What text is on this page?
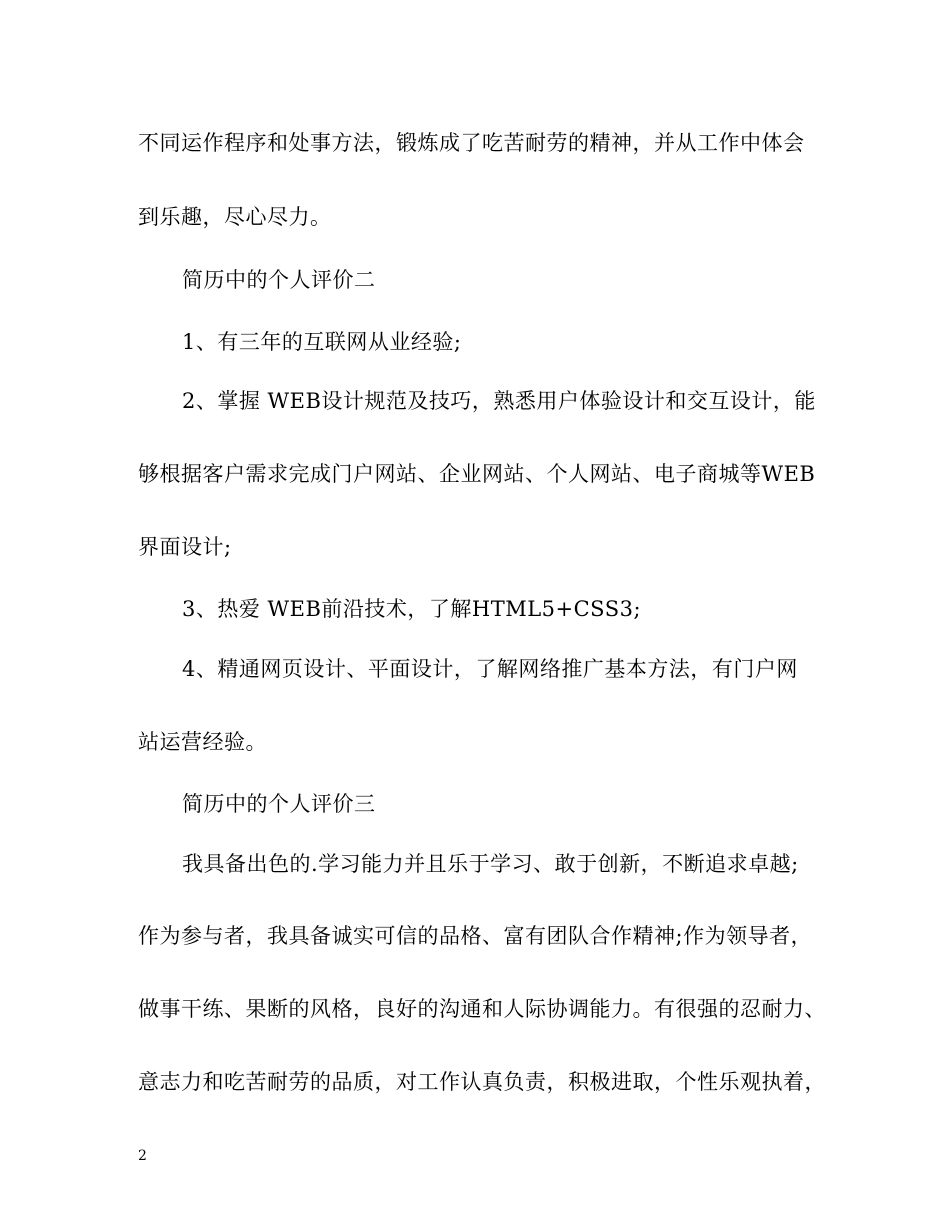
不同运作程序和处事方法，锻炼成了吃苦耐劳的精神，并从工作中体会
到乐趣，尽心尽力。
简历中的个人评价二
1、有三年的互联网从业经验;
2、掌握 WEB设计规范及技巧，熟悉用户体验设计和交互设计，能
够根据客户需求完成门户网站、企业网站、个人网站、电子商城等WEB
界面设计;
3、热爱 WEB前沿技术，了解HTML5+CSS3;
4、精通网页设计、平面设计，了解网络推广基本方法，有门户网
站运营经验。
简历中的个人评价三
我具备出色的.学习能力并且乐于学习、敢于创新，不断追求卓越;
作为参与者，我具备诚实可信的品格、富有团队合作精神;作为领导者，
做事干练、果断的风格，良好的沟通和人际协调能力。有很强的忍耐力、
意志力和吃苦耐劳的品质，对工作认真负责，积极进取，个性乐观执着，
2
